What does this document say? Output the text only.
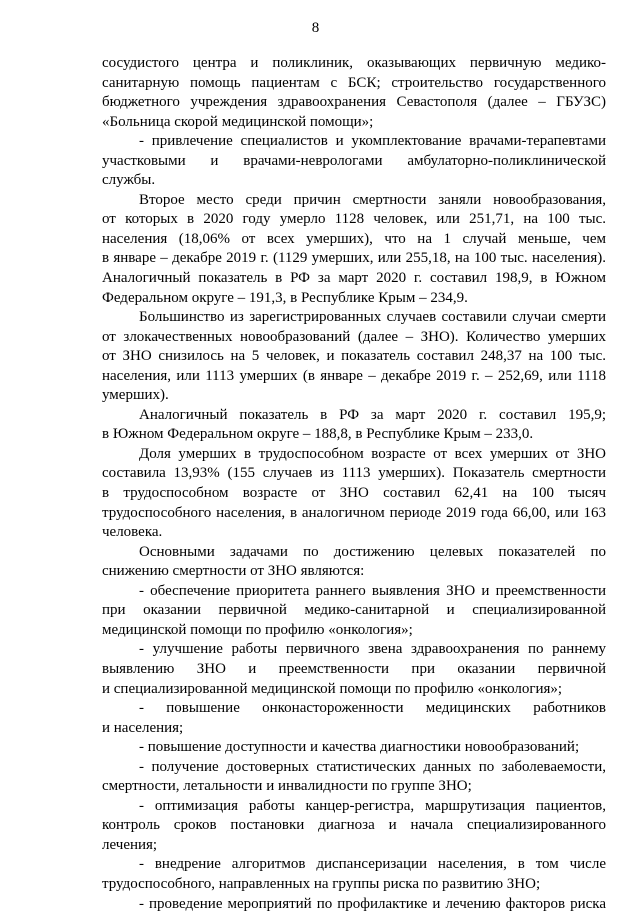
8
сосудистого центра и поликлиник, оказывающих первичную медико-
санитарную помощь пациентам с БСК; строительство государственного
бюджетного учреждения здравоохранения Севастополя (далее – ГБУЗС)
«Больница скорой медицинской помощи»;
- привлечение специалистов и укомплектование врачами-терапевтами
участковыми и врачами-неврологами амбулаторно-поликлинической
службы.
Второе место среди причин смертности заняли новообразования,
от которых в 2020 году умерло 1128 человек, или 251,71, на 100 тыс.
населения (18,06% от всех умерших), что на 1 случай меньше, чем
в январе – декабре 2019 г. (1129 умерших, или 255,18, на 100 тыс. населения).
Аналогичный показатель в РФ за март 2020 г. составил 198,9, в Южном
Федеральном округе – 191,3, в Республике Крым – 234,9.
Большинство из зарегистрированных случаев составили случаи смерти
от злокачественных новообразований (далее – ЗНО). Количество умерших
от ЗНО снизилось на 5 человек, и показатель составил 248,37 на 100 тыс.
населения, или 1113 умерших (в январе – декабре 2019 г. – 252,69, или 1118
умерших).
Аналогичный показатель в РФ за март 2020 г. составил 195,9;
в Южном Федеральном округе – 188,8, в Республике Крым – 233,0.
Доля умерших в трудоспособном возрасте от всех умерших от ЗНО
составила 13,93% (155 случаев из 1113 умерших). Показатель смертности
в трудоспособном возрасте от ЗНО составил 62,41 на 100 тысяч
трудоспособного населения, в аналогичном периоде 2019 года 66,00, или 163
человека.
Основными задачами по достижению целевых показателей по
снижению смертности от ЗНО являются:
- обеспечение приоритета раннего выявления ЗНО и преемственности
при оказании первичной медико-санитарной и специализированной
медицинской помощи по профилю «онкология»;
- улучшение работы первичного звена здравоохранения по раннему
выявлению ЗНО и преемственности при оказании первичной
и специализированной медицинской помощи по профилю «онкология»;
- повышение онконастороженности медицинских работников
и населения;
- повышение доступности и качества диагностики новообразований;
- получение достоверных статистических данных по заболеваемости,
смертности, летальности и инвалидности по группе ЗНО;
- оптимизация работы канцер-регистра, маршрутизация пациентов,
контроль сроков постановки диагноза и начала специализированного
лечения;
- внедрение алгоритмов диспансеризации населения, в том числе
трудоспособного, направленных на группы риска по развитию ЗНО;
- проведение мероприятий по профилактике и лечению факторов риска
